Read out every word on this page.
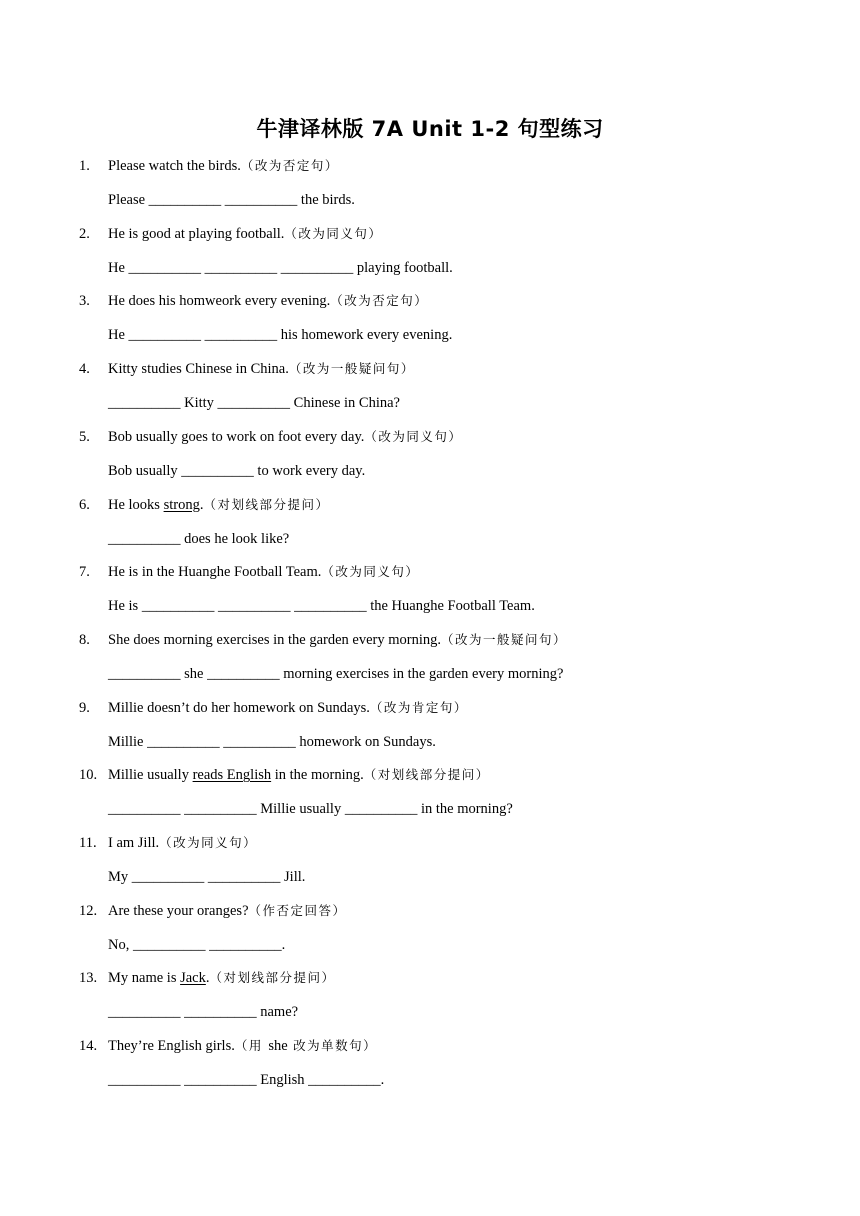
牛津译林版 7A Unit 1-2 句型练习
1. Please watch the birds.（改为否定句）
Please __________ __________ the birds.
2. He is good at playing football.（改为同义句）
He __________ __________ __________ playing football.
3. He does his homweork every evening.（改为否定句）
He __________ __________ his homework every evening.
4. Kitty studies Chinese in China.（改为一般疑问句）
__________ Kitty __________ Chinese in China?
5. Bob usually goes to work on foot every day.（改为同义句）
Bob usually __________ to work every day.
6. He looks strong.（对划线部分提问）
__________ does he look like?
7. He is in the Huanghe Football Team.（改为同义句）
He is __________ __________ __________ the Huanghe Football Team.
8. She does morning exercises in the garden every morning.（改为一般疑问句）
__________ she __________ morning exercises in the garden every morning?
9. Millie doesn’t do her homework on Sundays.（改为肯定句）
Millie __________ __________ homework on Sundays.
10. Millie usually reads English in the morning.（对划线部分提问）
__________ __________ Millie usually __________ in the morning?
11. I am Jill.（改为同义句）
My __________ __________ Jill.
12. Are these your oranges?（作否定回答）
No, __________ __________.
13. My name is Jack.（对划线部分提问）
__________ __________ name?
14. They’re English girls.（用 she 改为单数句）
__________ __________ English __________.
